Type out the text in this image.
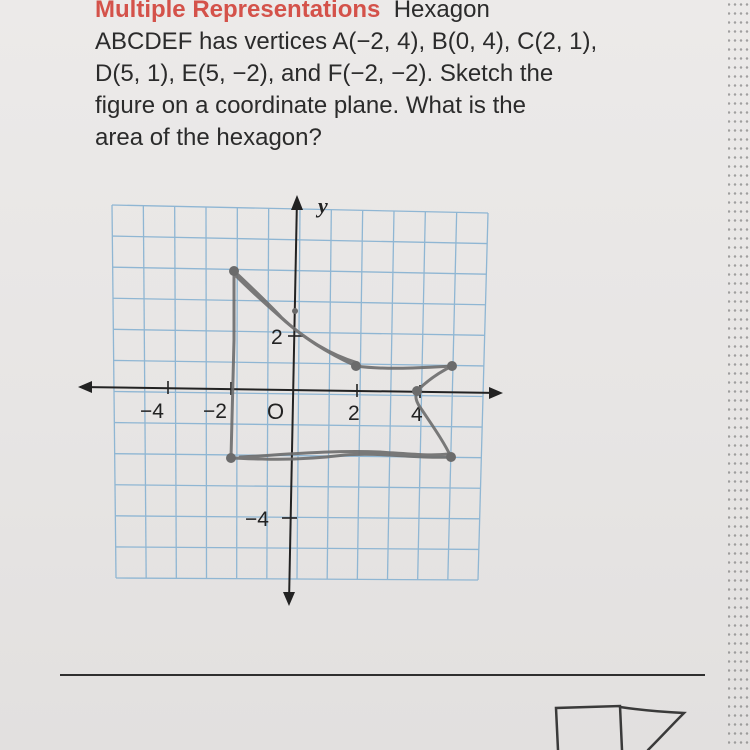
Multiple Representations Hexagon
ABCDEF has vertices A(−2, 4), B(0, 4), C(2, 1),
D(5, 1), E(5, −2), and F(−2, −2). Sketch the
figure on a coordinate plane. What is the
area of the hexagon?
y
O
−4 −2	2 4
2
−4
